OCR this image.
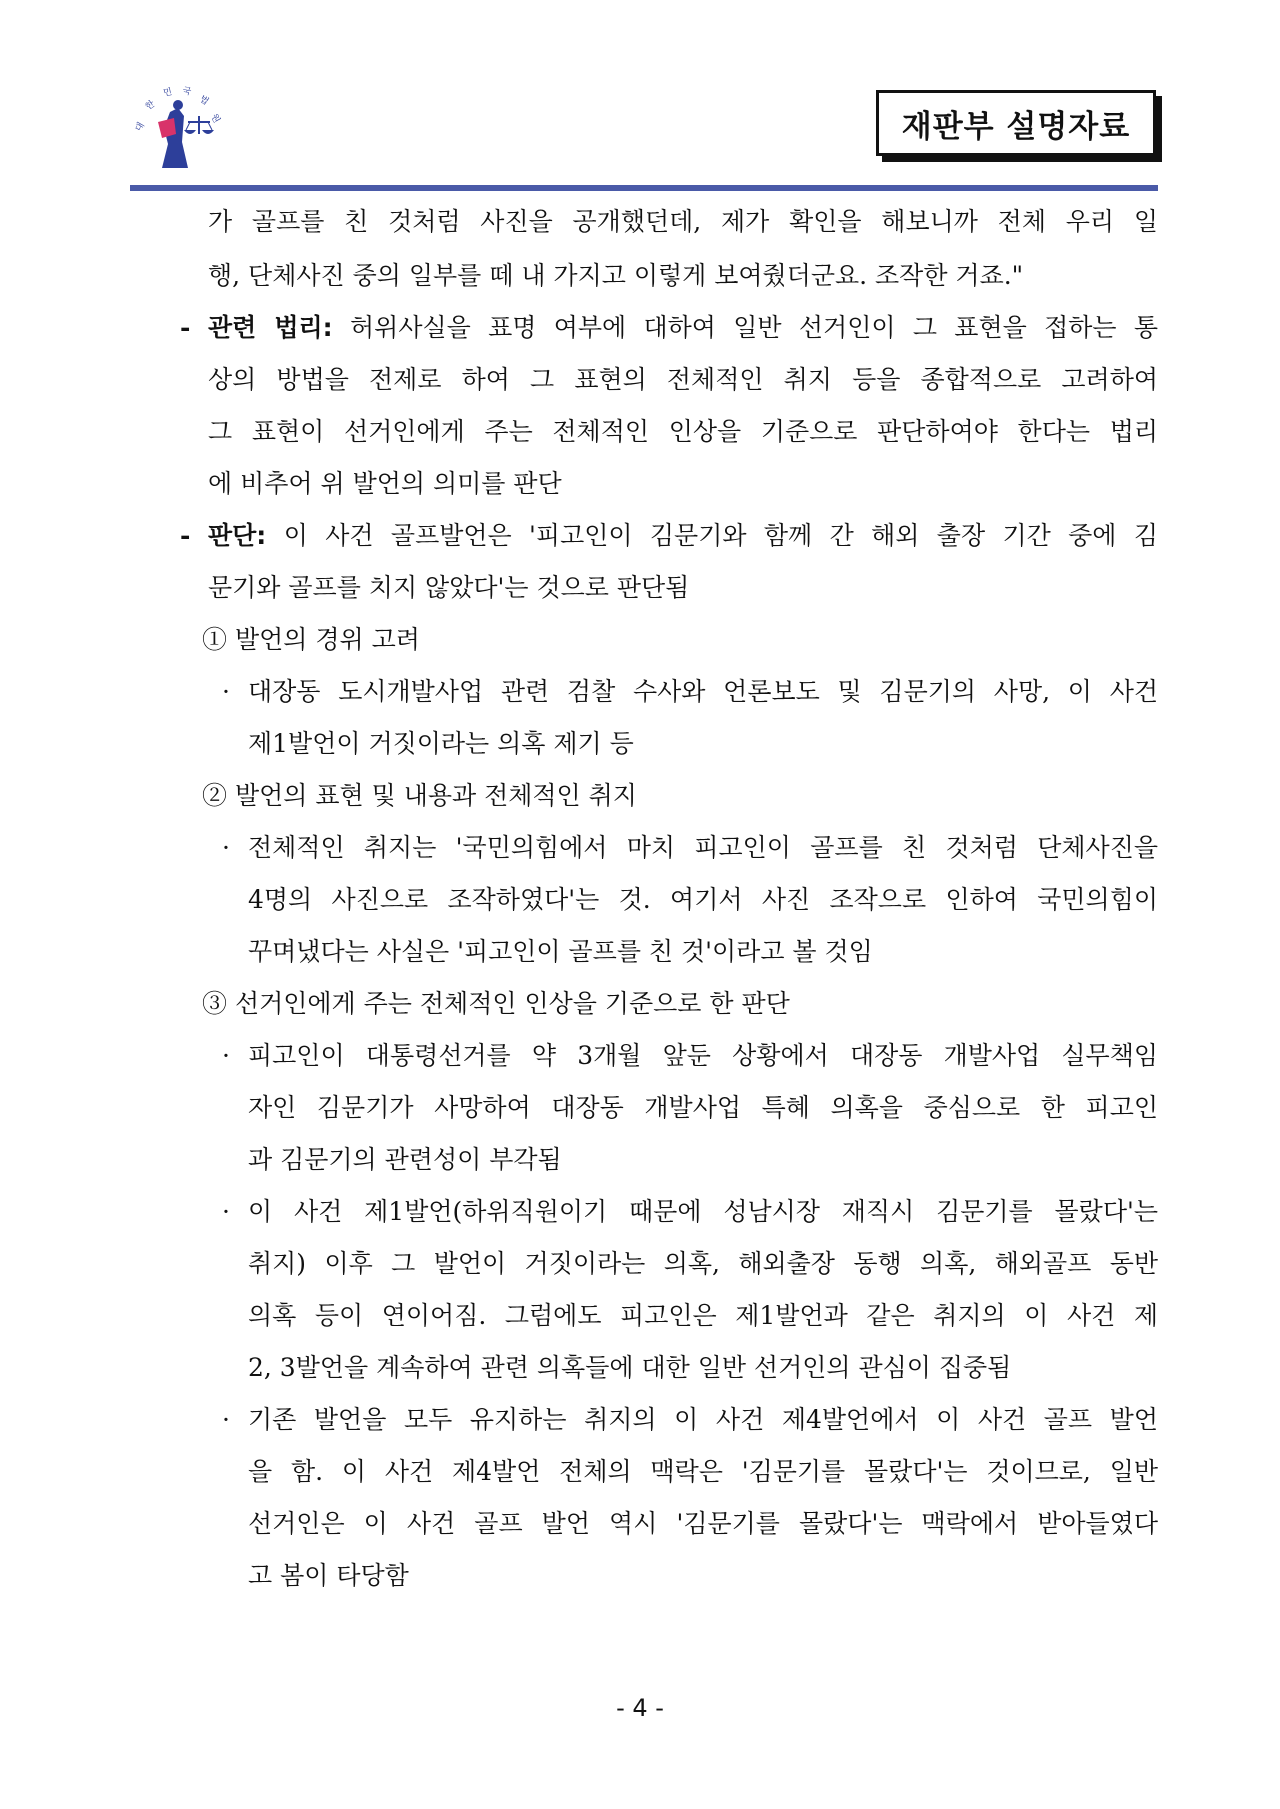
대
한
민 국
법
원	재판부 설명자료
가 골프를 친 것처럼 사진을 공개했던데, 제가 확인을 해보니까 전체 우리 일
행, 단체사진 중의 일부를 떼 내 가지고 이렇게 보여줬더군요. 조작한 거죠."
- 관련 법리: 허위사실을 표명 여부에 대하여 일반 선거인이 그 표현을 접하는 통
상의 방법을 전제로 하여 그 표현의 전체적인 취지 등을 종합적으로 고려하여
그 표현이 선거인에게 주는 전체적인 인상을 기준으로 판단하여야 한다는 법리
에 비추어 위 발언의 의미를 판단
- 판단: 이 사건 골프발언은 '피고인이 김문기와 함께 간 해외 출장 기간 중에 김
문기와 골프를 치지 않았다'는 것으로 판단됨
① 발언의 경위 고려
· 대장동 도시개발사업 관련 검찰 수사와 언론보도 및 김문기의 사망, 이 사건
제1발언이 거짓이라는 의혹 제기 등
② 발언의 표현 및 내용과 전체적인 취지
· 전체적인 취지는 '국민의힘에서 마치 피고인이 골프를 친 것처럼 단체사진을
4명의 사진으로 조작하였다'는 것. 여기서 사진 조작으로 인하여 국민의힘이
꾸며냈다는 사실은 '피고인이 골프를 친 것'이라고 볼 것임
③ 선거인에게 주는 전체적인 인상을 기준으로 한 판단
· 피고인이 대통령선거를 약 3개월 앞둔 상황에서 대장동 개발사업 실무책임
자인 김문기가 사망하여 대장동 개발사업 특혜 의혹을 중심으로 한 피고인
과 김문기의 관련성이 부각됨
· 이 사건 제1발언(하위직원이기 때문에 성남시장 재직시 김문기를 몰랐다'는
취지) 이후 그 발언이 거짓이라는 의혹, 해외출장 동행 의혹, 해외골프 동반
의혹 등이 연이어짐. 그럼에도 피고인은 제1발언과 같은 취지의 이 사건 제
2, 3발언을 계속하여 관련 의혹들에 대한 일반 선거인의 관심이 집중됨
· 기존 발언을 모두 유지하는 취지의 이 사건 제4발언에서 이 사건 골프 발언
을 함. 이 사건 제4발언 전체의 맥락은 '김문기를 몰랐다'는 것이므로, 일반
선거인은 이 사건 골프 발언 역시 '김문기를 몰랐다'는 맥락에서 받아들였다
고 봄이 타당함
- 4 -
